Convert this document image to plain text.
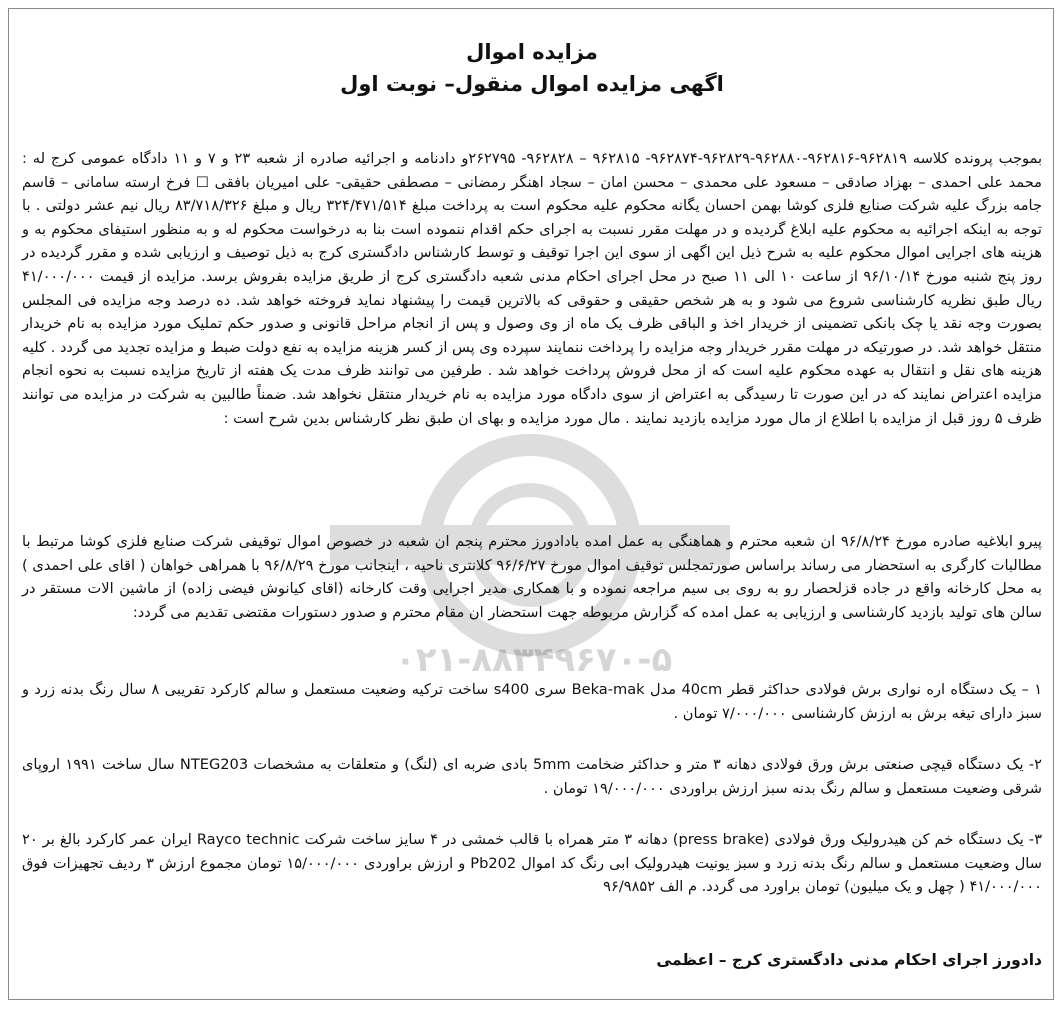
۰۲۱-۸۸۳۴۹۶۷۰-۵
مزایده اموال
اگهی مزایده اموال منقول– نوبت اول
بموجب پرونده کلاسه ۹۶۲۸۱۹-۹۶۲۸۱۶-۹۶۲۸۸۰-۹۶۲۸۲۹-۹۶۲۸۷۴- ۹۶۲۸۱۵ – ۹۶۲۸۲۸- ۲۶۲۷۹۵و دادنامه و اجرائیه صادره از شعبه ۲۳ و ۷ و ۱۱ دادگاه عمومی کرج له : محمد علی احمدی – بهزاد صادقی – مسعود علی محمدی – محسن امان – سجاد اهنگر رمضانی – مصطفی حقیقی- علی امیریان بافقی ☐ فرخ ارسته سامانی – قاسم جامه بزرگ علیه شرکت صنایع فلزی کوشا بهمن احسان یگانه محکوم علیه محکوم است به پرداخت مبلغ ۳۲۴/۴۷۱/۵۱۴ ریال و مبلغ ۸۳/۷۱۸/۳۲۶ ریال نیم عشر دولتی . با توجه به اینکه اجرائیه به محکوم علیه ابلاغ گردیده و در مهلت مقرر نسبت به اجرای حکم اقدام ننموده است بنا به درخواست محکوم له و به منظور استیفای محکوم به و هزینه های اجرایی اموال محکوم علیه به شرح ذیل این اگهی از سوی این اجرا توقیف و توسط کارشناس دادگستری کرج به ذیل توصیف و ارزیابی شده و مقرر گردیده در روز پنج شنبه مورخ ۹۶/۱۰/۱۴ از ساعت ۱۰ الی ۱۱ صبح در محل اجرای احکام مدنی شعبه دادگستری کرج از طریق مزایده بفروش برسد. مزایده از قیمت ۴۱/۰۰۰/۰۰۰ ریال طبق نظریه کارشناسی شروع می شود و به هر شخص حقیقی و حقوقی که بالاترین قیمت را پیشنهاد نماید فروخته خواهد شد. ده درصد وجه مزایده فی المجلس بصورت وجه نقد یا چک بانکی تضمینی از خریدار اخذ و الباقی ظرف یک ماه از وی وصول و پس از انجام مراحل قانونی و صدور حکم تملیک مورد مزایده به نام خریدار منتقل خواهد شد. در صورتیکه در مهلت مقرر خریدار وجه مزایده را پرداخت ننمایند سپرده وی پس از کسر هزینه مزایده به نفع دولت ضبط و مزایده تجدید می گردد . کلیه هزینه های نقل و انتقال به عهده محکوم علیه است که از محل فروش پرداخت خواهد شد . طرفین می توانند ظرف مدت یک هفته از تاریخ مزایده نسبت به نحوه انجام مزایده اعتراض نمایند که در این صورت تا رسیدگی به اعتراض از سوی دادگاه مورد مزایده به نام خریدار منتقل نخواهد شد. ضمناً طالبین به شرکت در مزایده می توانند ظرف ۵ روز قبل از مزایده با اطلاع از مال مورد مزایده بازدید نمایند . مال مورد مزایده و بهای ان طبق نظر کارشناس بدین شرح است :
پیرو ابلاغیه صادره مورخ ۹۶/۸/۲۴ ان شعبه محترم و هماهنگی به عمل امده بادادورز محترم پنجم ان شعبه در خصوص اموال توقیفی شرکت صنایع فلزی کوشا مرتبط با مطالبات کارگری به استحضار می رساند براساس صورتمجلس توقیف اموال مورخ ۹۶/۶/۲۷ کلانتری ناحیه ، اینجانب مورخ ۹۶/۸/۲۹ با همراهی خواهان ( اقای علی احمدی ) به محل کارخانه واقع در جاده قزلحصار رو به روی بی سیم مراجعه نموده و با همکاری مدیر اجرایی وقت کارخانه (اقای کیانوش فیضی زاده) از ماشین الات مستقر در سالن های تولید بازدید کارشناسی و ارزیابی به عمل امده که گزارش مربوطه جهت استحضار ان مقام محترم و صدور دستورات مقتضی تقدیم می گردد:
۱ – یک دستگاه اره نواری برش فولادی حداکثر قطر 40cm مدل Beka-mak سری s400 ساخت ترکیه وضعیت مستعمل و سالم کارکرد تقریبی ۸ سال رنگ بدنه زرد و سبز دارای تیغه برش به ارزش کارشناسی ۷/۰۰۰/۰۰۰ تومان .
۲- یک دستگاه قیچی صنعتی برش ورق فولادی دهانه ۳ متر و حداکثر ضخامت 5mm بادی ضربه ای (لنگ) و متعلقات به مشخصات NTEG203 سال ساخت ۱۹۹۱ اروپای شرقی وضعیت مستعمل و سالم رنگ بدنه سبز ارزش براوردی ۱۹/۰۰۰/۰۰۰ تومان .
۳- یک دستگاه خم کن هیدرولیک ورق فولادی (press brake) دهانه ۳ متر همراه با قالب خمشی در ۴ سایز ساخت شرکت Rayco technic ایران عمر کارکرد بالغ بر ۲۰ سال وضعیت مستعمل و سالم رنگ بدنه زرد و سبز یونیت هیدرولیک ابی رنگ کد اموال Pb202 و ارزش براوردی ۱۵/۰۰۰/۰۰۰ تومان مجموع ارزش ۳ ردیف تجهیزات فوق ۴۱/۰۰۰/۰۰۰ ( چهل و یک میلیون) تومان براورد می گردد. م الف ۹۶/۹۸۵۲
دادورز اجرای احکام مدنی دادگستری کرج – اعظمی
